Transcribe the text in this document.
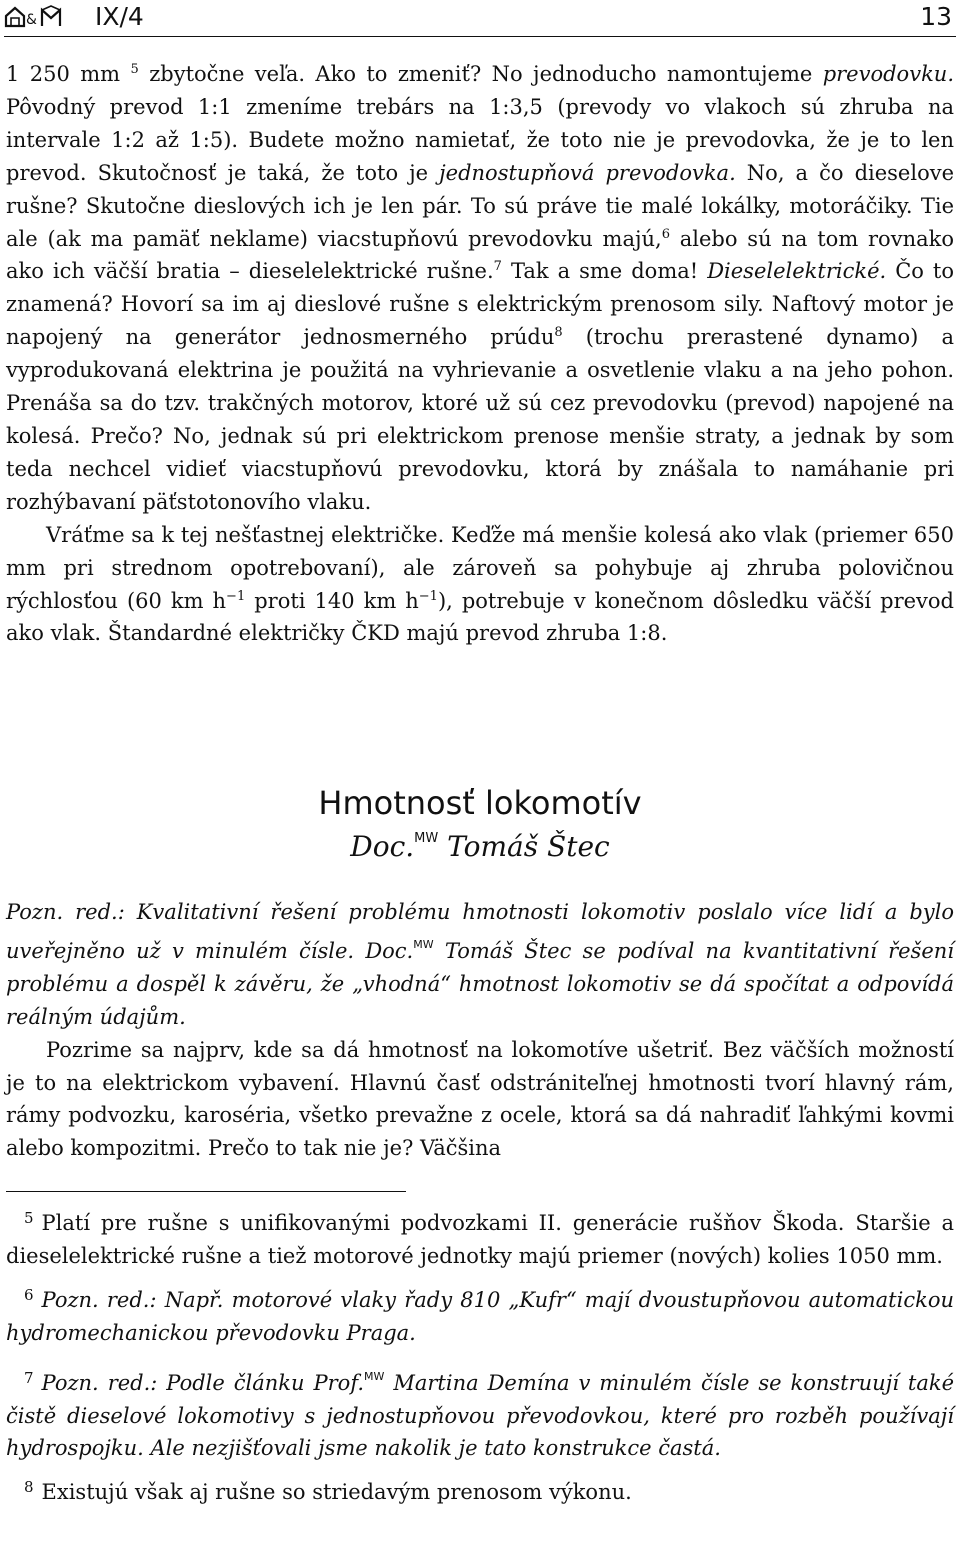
& IX/4	13

1 250 mm $^5$ zbytočne veľa. Ako to zmeniť? No jednoducho namontujeme prevodovku. Pôvodný prevod 1:1 zmeníme trebárs na 1:3,5 (prevody vo vlakoch sú zhruba na intervale 1:2 až 1:5). Budete možno namietať, že toto nie je prevodovka, že je to len prevod. Skutočnosť je taká, že toto je jednostupňová prevodovka. No, a čo dieselove rušne? Skutočne dieslových ich je len pár. To sú práve tie malé lokálky, motoráčiky. Tie ale (ak ma pamäť neklame) viacstupňovú prevodovku majú,$^6$ alebo sú na tom rovnako ako ich väčší bratia – dieselelektrické rušne.$^7$ Tak a sme doma! Dieselelektrické. Čo to znamená? Hovorí sa im aj dieslové rušne s elektrickým prenosom sily. Naftový motor je napojený na generátor jednosmerného prúdu$^8$ (trochu prerastené dynamo) a vyprodukovaná elektrina je použitá na vyhrievanie a osvetlenie vlaku a na jeho pohon. Prenáša sa do tzv. trakčných motorov, ktoré už sú cez prevodovku (prevod) napojené na kolesá. Prečo? No, jednak sú pri elektrickom prenose menšie straty, a jednak by som teda nechcel vidieť viacstupňovú prevodovku, ktorá by znášala to namáhanie pri rozhýbavaní päťstotonovího vlaku.

Vráťme sa k tej nešťastnej električke. Keďže má menšie kolesá ako vlak (priemer 650 mm pri strednom opotrebovaní), ale zároveň sa pohybuje aj zhruba polovičnou rýchlosťou (60 km $h^{-1}$ proti 140 km $h^{-1}$), potrebuje v konečnom dôsledku väčší prevod ako vlak. Štandardné električky ČKD majú prevod zhruba 1:8.

Hmotnosť lokomotív
Doc.$^{MW}$ Tomáš Štec

Pozn. red.: Kvalitativní řešení problému hmotnosti lokomotiv poslalo více lidí a bylo uveřejněno už v minulém čísle. Doc.$^{MW}$ Tomáš Štec se podíval na kvantitativní řešení problému a dospěl k závěru, že „vhodná“ hmotnost lokomotiv se dá spočítat a odpovídá reálným údajům.

Pozrime sa najprv, kde sa dá hmotnosť na lokomotíve ušetriť. Bez väčších možností je to na elektrickom vybavení. Hlavnú časť odstrániteľnej hmotnosti tvorí hlavný rám, rámy podvozku, karoséria, všetko prevažne z ocele, ktorá sa dá nahradiť ľahkými kovmi alebo kompozitmi. Prečo to tak nie je? Väčšina

$^5$ Platí pre rušne s unifikovanými podvozkami II. generácie rušňov Škoda. Staršie a dieselelektrické rušne a tiež motorové jednotky majú priemer (nových) kolies 1050 mm.

$^6$ Pozn. red.: Např. motorové vlaky řady 810 „Kufr“ mají dvoustupňovou automatickou hydromechanickou převodovku Praga.

$^7$ Pozn. red.: Podle článku Prof.$^{MW}$ Martina Demína v minulém čísle se konstruují také čistě dieselové lokomotivy s jednostupňovou převodovkou, které pro rozběh používají hydrospojku. Ale nezjišťovali jsme nakolik je tato konstrukce častá.

$^8$ Existujú však aj rušne so striedavým prenosom výkonu.
